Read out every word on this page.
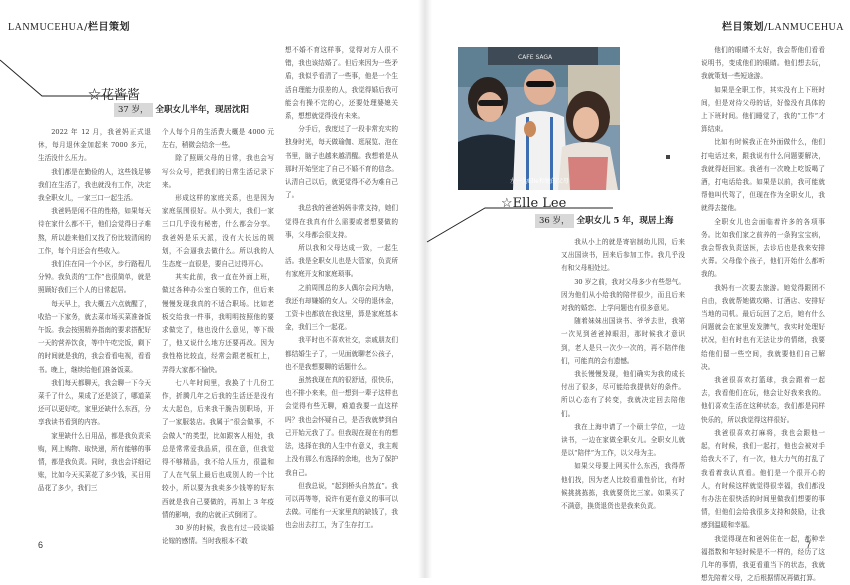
LANMUCEHUA/栏目策划
☆花酱酱
37 岁， 全职女儿半年，现居沈阳

2022 年 12 月，我爸妈正式退休，每月退休金加起来 7000 多元，生活没什么压力。

我们都是在勤俭的人，这些钱足够我们在生活了，我也就没有工作，决定我全职女儿，一家三口一起生活。

我爸妈是闲不住的性格，如果每天待在家什么都不干，他们会觉得日子难熬，所以趁来他们又找了份比较清闲的工作，每个月还会有些收入。

我们住在同一个小区，步行路程几分钟。我负责的“工作”也很简单，就是照顾好我们三个人的日常起居。

每天早上，我大概五六点就醒了，收拾一下家务，就去菜市场买菜准备饭午饭。我会按照精养指南的要求搭配好一天的营养饮食，等中午吃完饭，剩下的时间就是我的，我会看看电视，看看书。晚上，继续给他们准备饭菜。

我们每天都聊天，我会聊一下今天菜千了什么，果成了还是淡了，哪道菜还可以更好吃，家里还缺什么东西，分享我读书看到的内容。

家里缺什么日用品，都是我负责采购，网上购物、取快递，所有能够的事情，都是我负责。同时，我也会详细记账，比如今天买菜花了多少钱，买日用品花了多少，我们三

个人每个月的生活费大概是 4000 元左右，稍微会结余一些。

除了照顾父母的日常，我也会写写公众号，把我们的日常生活记录下来。

形成这样的家庭关系，也是因为家庭氛围很好。从小到大，我们一家三口几乎没有秘密，什么都会分享。我爸妈是乐天派，没有大长远的规划，不会逼我去做什么。所以我的人生态度一直很是，要自己过得开心。

其实此前，我一直在外面上班，做过各种办公室白领的工作，但后来慢慢发现我真的不适合职场。比如老板交给我一件事，我明明按照他的要求做完了，他也没什么意见，等下级了，他又说什么地方还要再改。因为我性格比较直，经常会跟老板杠上，弄得大家都不愉快。

七八年时间里，我换了十几份工作，折腾几年之后我的生活还是没有太大起色，后来我干脆告别职场，开了一家服装店。我属于“很会做事，不会做人”的类型，比如跟客人相处，我总是常常爱我品质，很在意，但我觉得不够精品，我不给人压力，很温和了人在气氛上最后也成别人的一个比较小，所以要为我卖多少钱等的好东西就是我自己要做的，再加上 3 年疫情的影响，我的店就正式倒闭了。

30 岁的时候，我也有过一段谈婚论嫁的感情。当时我根本不敢

想不婚不育这样事，觉得对方人很不错，我也该结婚了。但后来因为一些矛盾，我似乎看清了一些事，他是一个生活自理能力很差的人，我觉得婚后我可能会有操不完的心，还要处理婆媳关系，想想就觉得没有未来。

分手后，我度过了一段非常充实的独身时光，每天做瑜伽、逛展览、泡在书里，脑子也越来越清醒。我想着是从那时开始坚定了自己不婚不育的信念。认清自己以后，就更觉得不必为难自己了。

我总我的爸爸妈妈非常支持，她们觉得在我真有什么需要或者想要做的事，父母都会很支持。

所以我和父母达成一致，一起生活。我是全职女儿也是大管家，负责所有家庭开支和家庭琐事。

之前周围总的多人偶尔会问为啥，我还有却嫌婚的女人。父母的退休金，工资卡也都放在我这里，算是家庭基本金，我们三个一起花。

我平时也不喜欢社交，亲戚朋友们都结婚生子了，一见面就聊老公孩子，也不是我想要聊的话题什么。

虽然我现在真的很舒适，很快乐，也不排小来来，但一想到一辈子这样也会觉得有些无聊，难道我要一直这样吗？我也会怀疑自己，是否我就梦到自己开始元我了了。但我现在现在有的想法，选择在我的人生中有意义，我主观上没有那么有选择的余地，也为了保护我自己。

但我总说，“起到桥头自然直”。我可以再等等，说许有更有意义的事可以去做。可能有一天家里真的缺钱了，我也会出去打工，为了生存打工。

6
栏目策划/LANMUCEHUA
☆Elle Lee
36 岁， 全职女儿 5 年，现居上海

我从小上的就是寄宿制幼儿园，后来又出国读书，回来后参加工作。我几乎没有和父母相处过。

30 岁之前，我对父母多少有些怨气。因为他们从小给我的陪伴很少，而且后来对我的婚恋、上学问题也有很多意见。

随着妹妹出国读书、爷爷去世，我第一次见到爸爸掉眼泪，那时候我才意识到，老人是只一次少一次的，再不陪伴他们，可能真的会有遗憾。

我长慢慢发现，他们确实为我的成长付出了很多，尽可能给我提供好的条件。所以心态有了转变，我就决定回去陪他们。

我在上海申请了一个硕士学位，一边读书，一边在家做全职女儿。全职女儿就是以“陪伴”为工作，以父母为主。

如果父母要上网买什么东西，我得帮他们找，因为老人比较看重性价比，有时候挑挑拣拣，我就要货比三家。如果买了不满意，换货退货也是我来负责。

他们的眼睛不太好，我会帮他们看看说明书，变成他们的眼睛。他们想去玩，我就策划一些短途游。

如果是全职工作，其实没有上下班时间，但是对待父母的话，好像没有具体的上下班时间。他们睡觉了，我的“工作”才算结束。

比如有时候我正在外面做什么，他们打电话过来，跟我说有什么问题要解决，我就得赶回家。我爸有一次晚上吃饭喝了酒，打电话给我。如果是以前，我可能就帮他叫代驾了，但现在作为全职女儿，我就得去接他。

全职女儿也会面临着许多的各项事务。比如我们家之前养的一条狗宝宝病，我会帮我负责送医，去诊后也是我来安排火葬。父母像个孩子，他们开始什么都听我的。

我妈有一次要去旅游。她觉得跟团不自由，我就帮她做攻略、订酒店、安排好当地的司机。最后玩回了之后，她有什么问题就会在家里发发脾气，我实时处理好状况，但有时也有无法让步的情绪，我要给他们留一些空间，我就要他们自己解决。

我爸很喜欢打篮球，我会跟着一起去，我看他们在玩，他会让好我来我的。他们喜欢生活在这种状态，我们都是同样快乐的，所以我觉得这样很好。

我爸很喜欢打麻将，我也会跟他一起，有时候，我们一起打，他也会被对手给我大不了，有一次，他大力气的打乱了我看着我认真看。他们是一个很开心的人，有时候这样就觉得很幸福，我们都没有办法在很快活的时间里做我们想要的事情，但他们会给我很多支持和鼓励，让我感到温暖和幸福。

我觉得现在和爸妈住在一起，都种幸福指数和年轻时候是不一样的，经历了这几年的事情，我更看重当下的状态，我就想先陪着父母，之后根据情况再做打算。

7
CAFE SAGA
左一为Elle和她的父母
